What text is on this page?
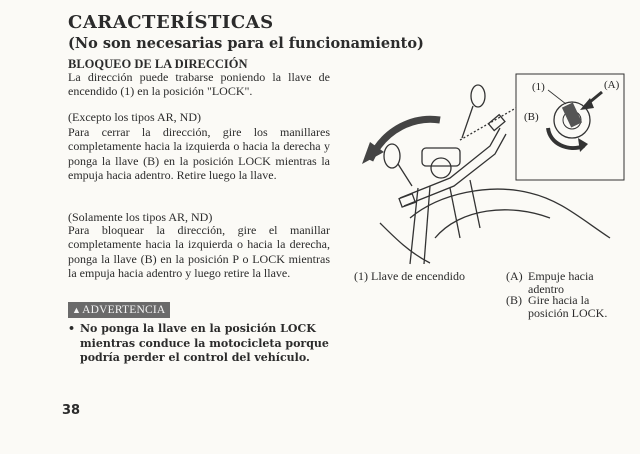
CARACTERÍSTICAS
(No son necesarias para el funcionamiento)
BLOQUEO DE LA DIRECCIÓN

La dirección puede trabarse poniendo la llave de encendido (1) en la posición "LOCK".

(Excepto los tipos AR, ND)

Para cerrar la dirección, gire los manillares completamente hacia la izquierda o hacia la derecha y ponga la llave (B) en la posición LOCK mientras la empuja hacia adentro. Retire luego la llave.

(Solamente los tipos AR, ND)

Para bloquear la dirección, gire el manillar completamente hacia la izquierda o hacia la derecha, ponga la llave (B) en la posición P o LOCK mientras la empuja hacia adentro y luego retire la llave.

▲ADVERTENCIA
• No ponga la llave en la posición LOCK mientras conduce la motocicleta porque podría perder el control del vehículo.
38
(1)	(A)
(B)
(1) Llave de encendido	(A) Empuje hacia adentro
(B) Gire hacia la posición LOCK.
